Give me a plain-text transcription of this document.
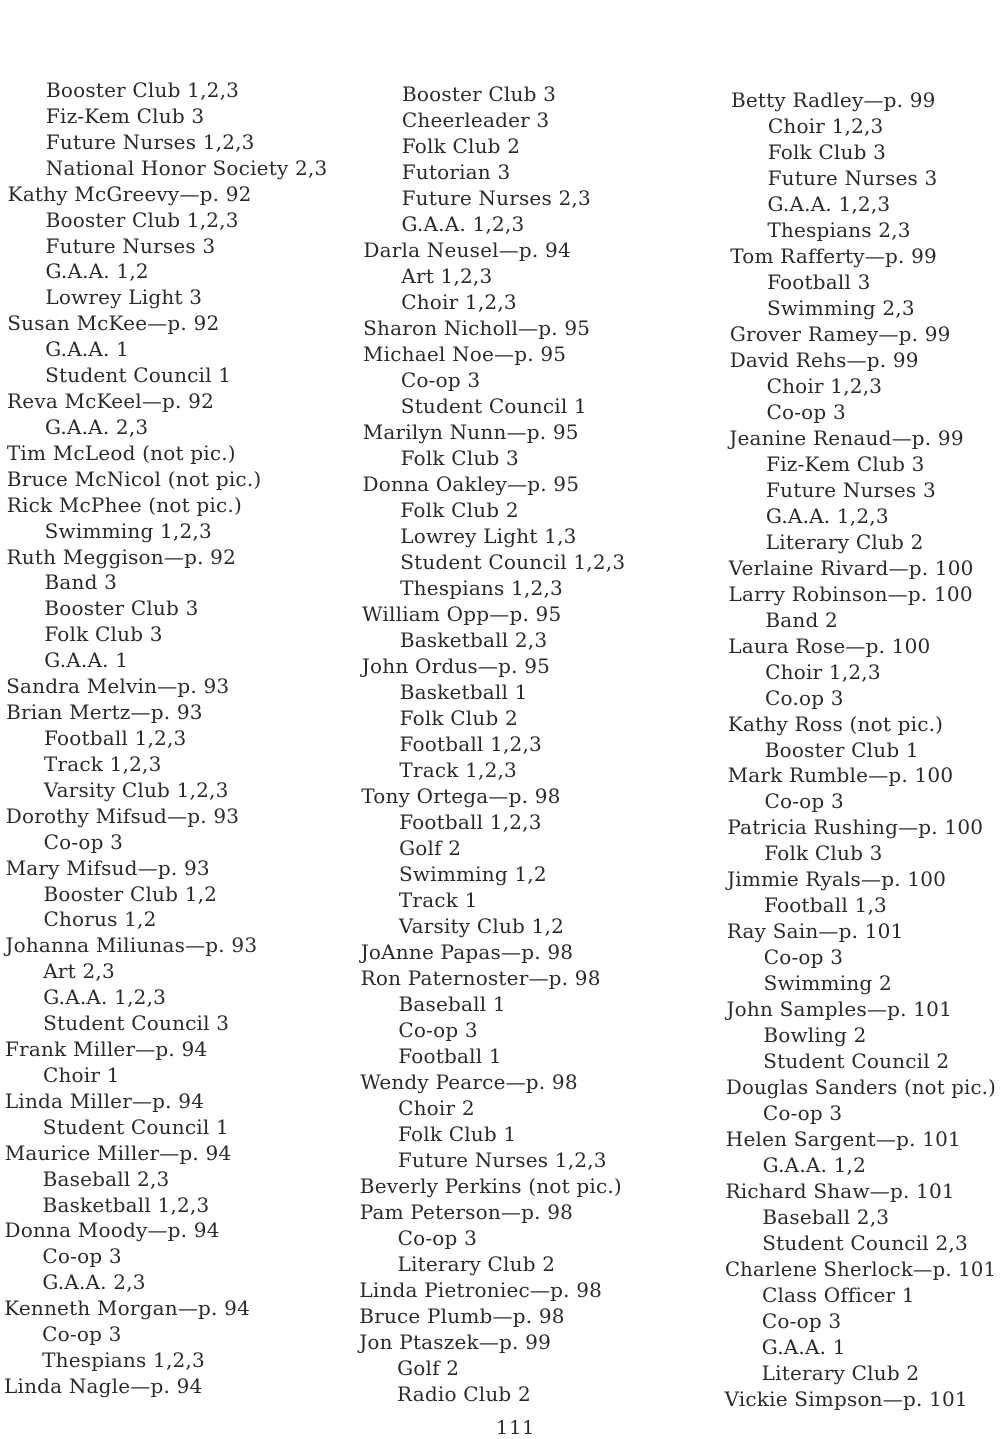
Booster Club 1,2,3
Fiz-Kem Club 3
Future Nurses 1,2,3
National Honor Society 2,3
Kathy McGreevy—p. 92
Booster Club 1,2,3
Future Nurses 3
G.A.A. 1,2
Lowrey Light 3
Susan McKee—p. 92
G.A.A. 1
Student Council 1
Reva McKeel—p. 92
G.A.A. 2,3
Tim McLeod (not pic.)
Bruce McNicol (not pic.)
Rick McPhee (not pic.)
Swimming 1,2,3
Ruth Meggison—p. 92
Band 3
Booster Club 3
Folk Club 3
G.A.A. 1
Sandra Melvin—p. 93
Brian Mertz—p. 93
Football 1,2,3
Track 1,2,3
Varsity Club 1,2,3
Dorothy Mifsud—p. 93
Co-op 3
Mary Mifsud—p. 93
Booster Club 1,2
Chorus 1,2
Johanna Miliunas—p. 93
Art 2,3
G.A.A. 1,2,3
Student Council 3
Frank Miller—p. 94
Choir 1
Linda Miller—p. 94
Student Council 1
Maurice Miller—p. 94
Baseball 2,3
Basketball 1,2,3
Donna Moody—p. 94
Co-op 3
G.A.A. 2,3
Kenneth Morgan—p. 94
Co-op 3
Thespians 1,2,3
Linda Nagle—p. 94
Booster Club 3
Cheerleader 3
Folk Club 2
Futorian 3
Future Nurses 2,3
G.A.A. 1,2,3
Darla Neusel—p. 94
Art 1,2,3
Choir 1,2,3
Sharon Nicholl—p. 95
Michael Noe—p. 95
Co-op 3
Student Council 1
Marilyn Nunn—p. 95
Folk Club 3
Donna Oakley—p. 95
Folk Club 2
Lowrey Light 1,3
Student Council 1,2,3
Thespians 1,2,3
William Opp—p. 95
Basketball 2,3
John Ordus—p. 95
Basketball 1
Folk Club 2
Football 1,2,3
Track 1,2,3
Tony Ortega—p. 98
Football 1,2,3
Golf 2
Swimming 1,2
Track 1
Varsity Club 1,2
JoAnne Papas—p. 98
Ron Paternoster—p. 98
Baseball 1
Co-op 3
Football 1
Wendy Pearce—p. 98
Choir 2
Folk Club 1
Future Nurses 1,2,3
Beverly Perkins (not pic.)
Pam Peterson—p. 98
Co-op 3
Literary Club 2
Linda Pietroniec—p. 98
Bruce Plumb—p. 98
Jon Ptaszek—p. 99
Golf 2
Radio Club 2
Betty Radley—p. 99
Choir 1,2,3
Folk Club 3
Future Nurses 3
G.A.A. 1,2,3
Thespians 2,3
Tom Rafferty—p. 99
Football 3
Swimming 2,3
Grover Ramey—p. 99
David Rehs—p. 99
Choir 1,2,3
Co-op 3
Jeanine Renaud—p. 99
Fiz-Kem Club 3
Future Nurses 3
G.A.A. 1,2,3
Literary Club 2
Verlaine Rivard—p. 100
Larry Robinson—p. 100
Band 2
Laura Rose—p. 100
Choir 1,2,3
Co.op 3
Kathy Ross (not pic.)
Booster Club 1
Mark Rumble—p. 100
Co-op 3
Patricia Rushing—p. 100
Folk Club 3
Jimmie Ryals—p. 100
Football 1,3
Ray Sain—p. 101
Co-op 3
Swimming 2
John Samples—p. 101
Bowling 2
Student Council 2
Douglas Sanders (not pic.)
Co-op 3
Helen Sargent—p. 101
G.A.A. 1,2
Richard Shaw—p. 101
Baseball 2,3
Student Council 2,3
Charlene Sherlock—p. 101
Class Officer 1
Co-op 3
G.A.A. 1
Literary Club 2
Vickie Simpson—p. 101
111
